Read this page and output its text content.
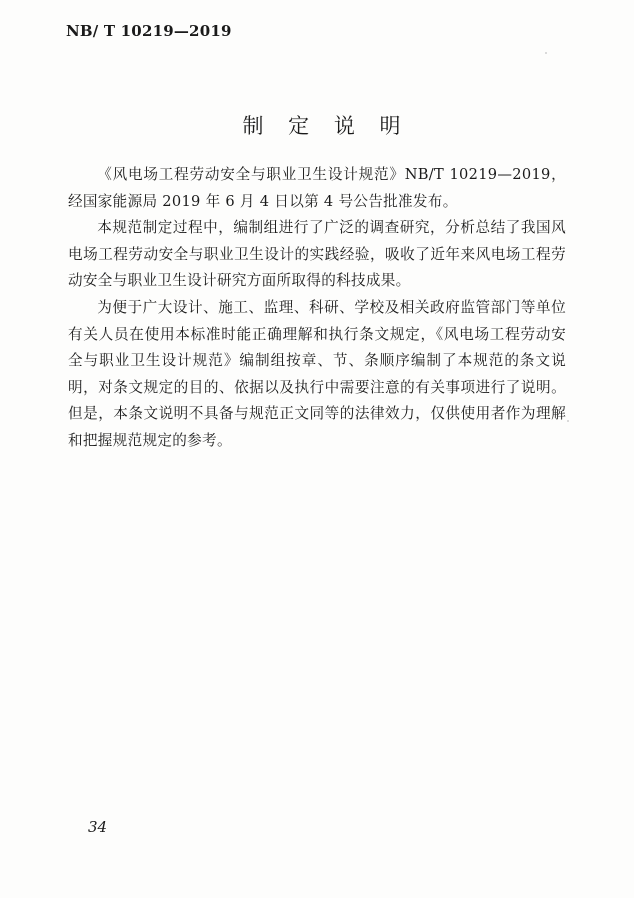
NB/ T 10219—2019
制 定 说 明

《风电场工程劳动安全与职业卫生设计规范》NB/T 10219—2019，经国家能源局 2019 年 6 月 4 日以第 4 号公告批准发布。

本规范制定过程中，编制组进行了广泛的调查研究，分析总结了我国风电场工程劳动安全与职业卫生设计的实践经验，吸收了近年来风电场工程劳动安全与职业卫生设计研究方面所取得的科技成果。

为便于广大设计、施工、监理、科研、学校及相关政府监管部门等单位有关人员在使用本标准时能正确理解和执行条文规定，《风电场工程劳动安全与职业卫生设计规范》编制组按章、节、条顺序编制了本规范的条文说明，对条文规定的目的、依据以及执行中需要注意的有关事项进行了说明。但是，本条文说明不具备与规范正文同等的法律效力，仅供使用者作为理解和把握规范规定的参考。

34
